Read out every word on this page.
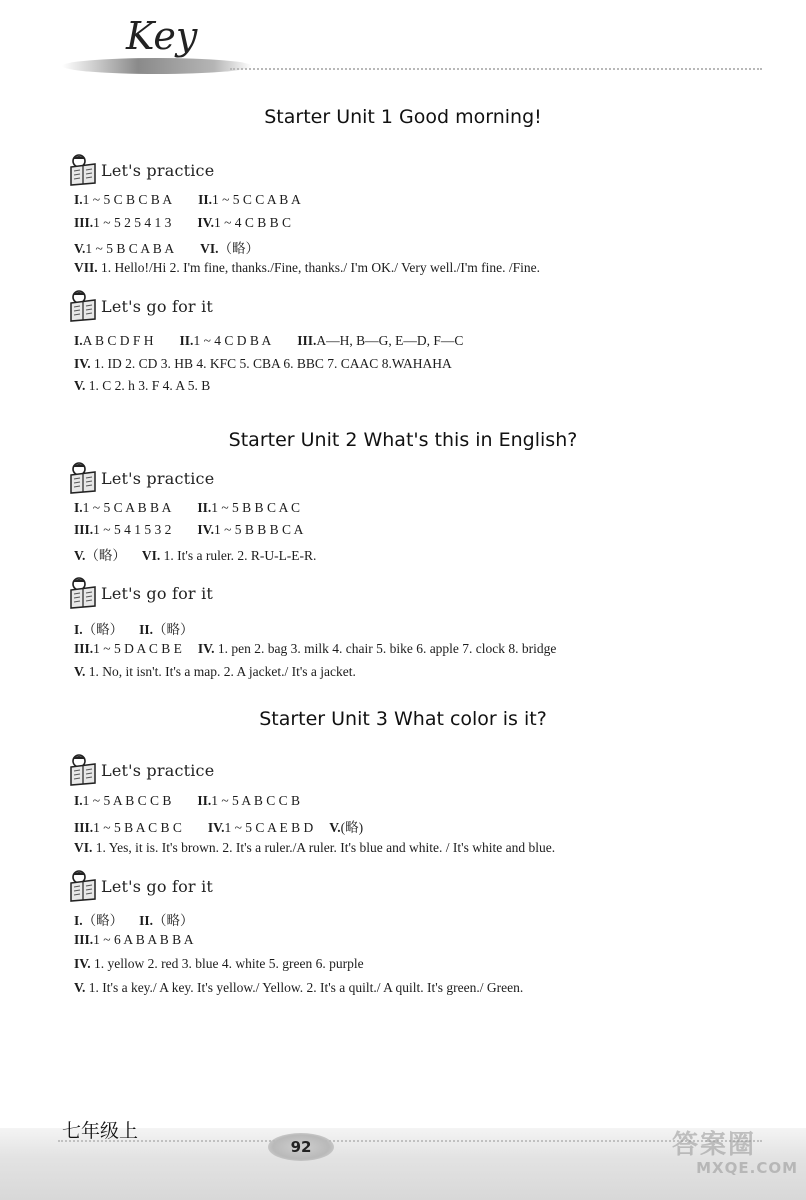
Key
Starter Unit 1 Good morning!
Let's practice
I.1 ~ 5 C B C B A II.1 ~ 5 C C A B A
III.1 ~ 5 2 5 4 1 3 IV.1 ~ 4 C B B C
V.1 ~ 5 B C A B A VI.（略）
VII. 1. Hello!/Hi 2. I'm fine, thanks./Fine, thanks./ I'm OK./ Very well./I'm fine. /Fine.
Let's go for it
I.A B C D F H II.1 ~ 4 C D B A III.A—H, B—G, E—D, F—C
IV. 1. ID 2. CD 3. HB 4. KFC 5. CBA 6. BBC 7. CAAC 8.WAHAHA
V. 1. C 2. h 3. F 4. A 5. B
Starter Unit 2 What's this in English?
Let's practice
I.1 ~ 5 C A B B A II.1 ~ 5 B B C A C
III.1 ~ 5 4 1 5 3 2 IV.1 ~ 5 B B B C A
V.（略） VI. 1. It's a ruler. 2. R-U-L-E-R.
Let's go for it
I.（略） II.（略）
III.1 ~ 5 D A C B E IV. 1. pen 2. bag 3. milk 4. chair 5. bike 6. apple 7. clock 8. bridge
V. 1. No, it isn't. It's a map. 2. A jacket./ It's a jacket.
Starter Unit 3 What color is it?
Let's practice
I.1 ~ 5 A B C C B II.1 ~ 5 A B C C B
III.1 ~ 5 B A C B C IV.1 ~ 5 C A E B D V.(略)
VI. 1. Yes, it is. It's brown. 2. It's a ruler./A ruler. It's blue and white. / It's white and blue.
Let's go for it
I.（略） II.（略）
III.1 ~ 6 A B A B B A
IV. 1. yellow 2. red 3. blue 4. white 5. green 6. purple
V. 1. It's a key./ A key. It's yellow./ Yellow. 2. It's a quilt./ A quilt. It's green./ Green.
七年级上
92	答案圈
MXQE.COM
